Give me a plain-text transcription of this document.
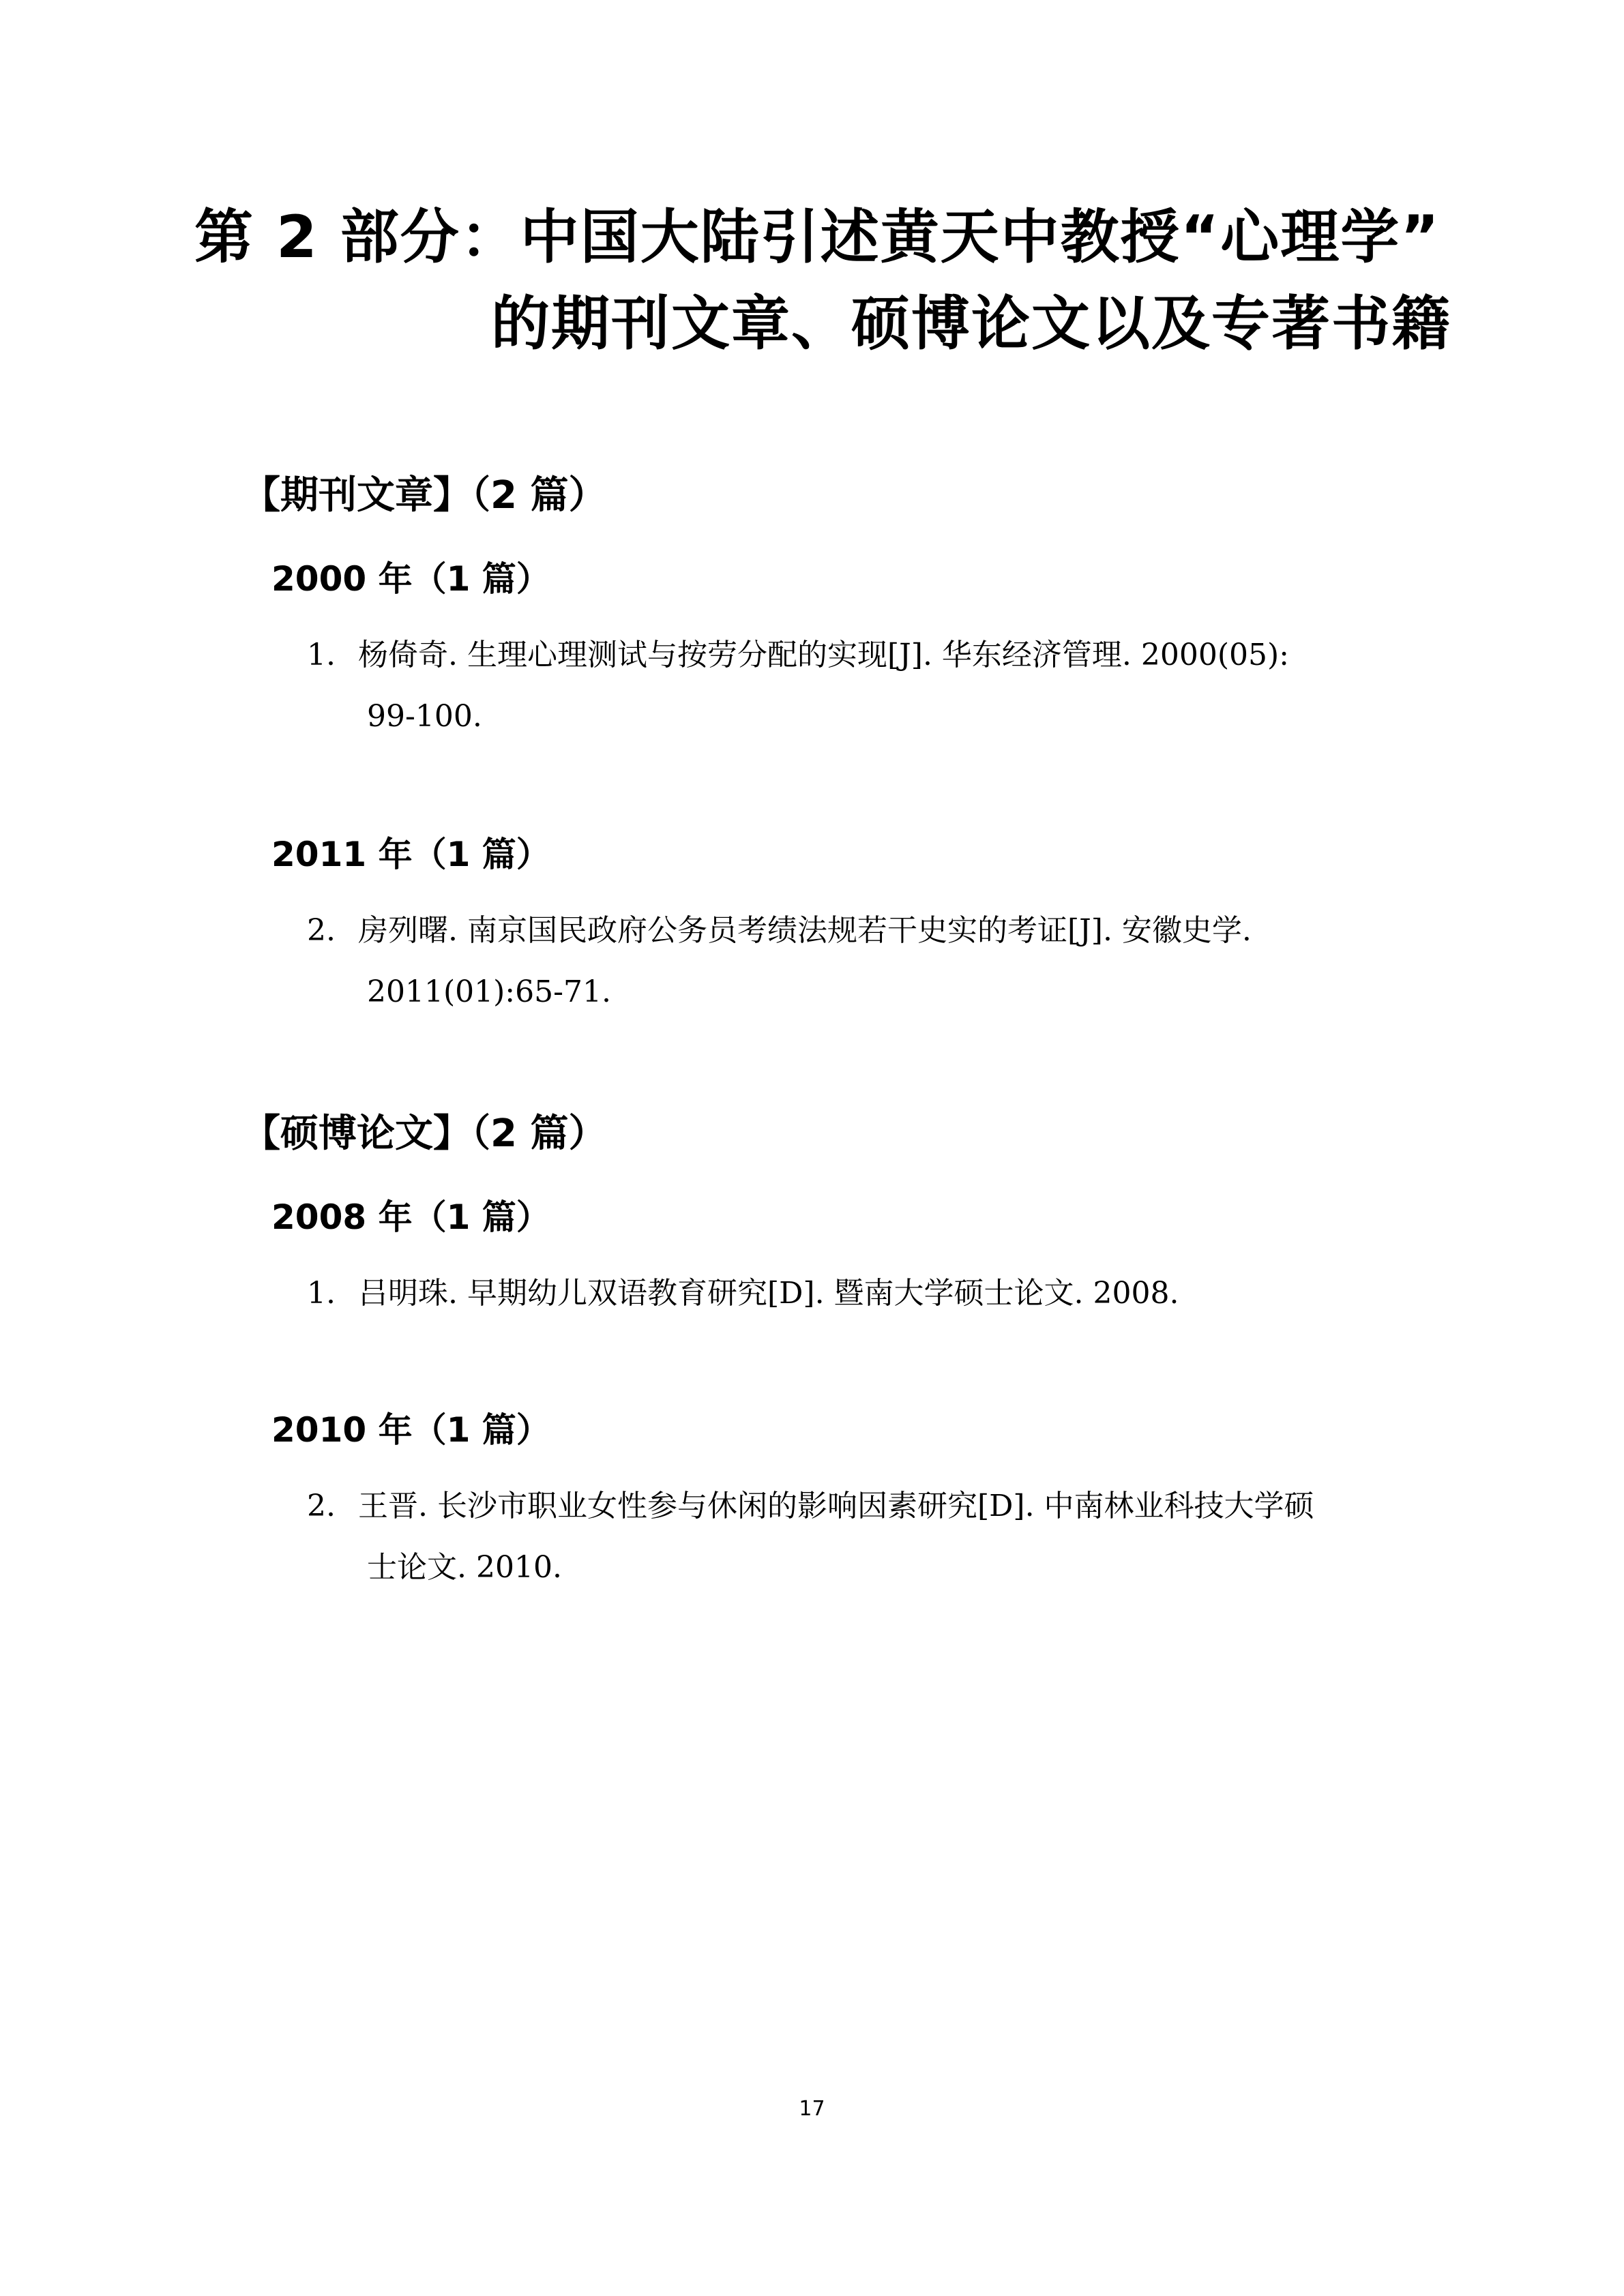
第 2 部分：中国大陆引述黄天中教授“心理学”
的期刊文章、硕博论文以及专著书籍
【期刊文章】（2 篇）
2000 年（1 篇）
1. 杨倚奇. 生理心理测试与按劳分配的实现[J]. 华东经济管理. 2000(05):
99-100.
2011 年（1 篇）
2. 房列曙. 南京国民政府公务员考绩法规若干史实的考证[J]. 安徽史学.
2011(01):65-71.
【硕博论文】（2 篇）
2008 年（1 篇）
1. 吕明珠. 早期幼儿双语教育研究[D]. 暨南大学硕士论文. 2008.
2010 年（1 篇）
2. 王晋. 长沙市职业女性参与休闲的影响因素研究[D]. 中南林业科技大学硕
士论文. 2010.
17
